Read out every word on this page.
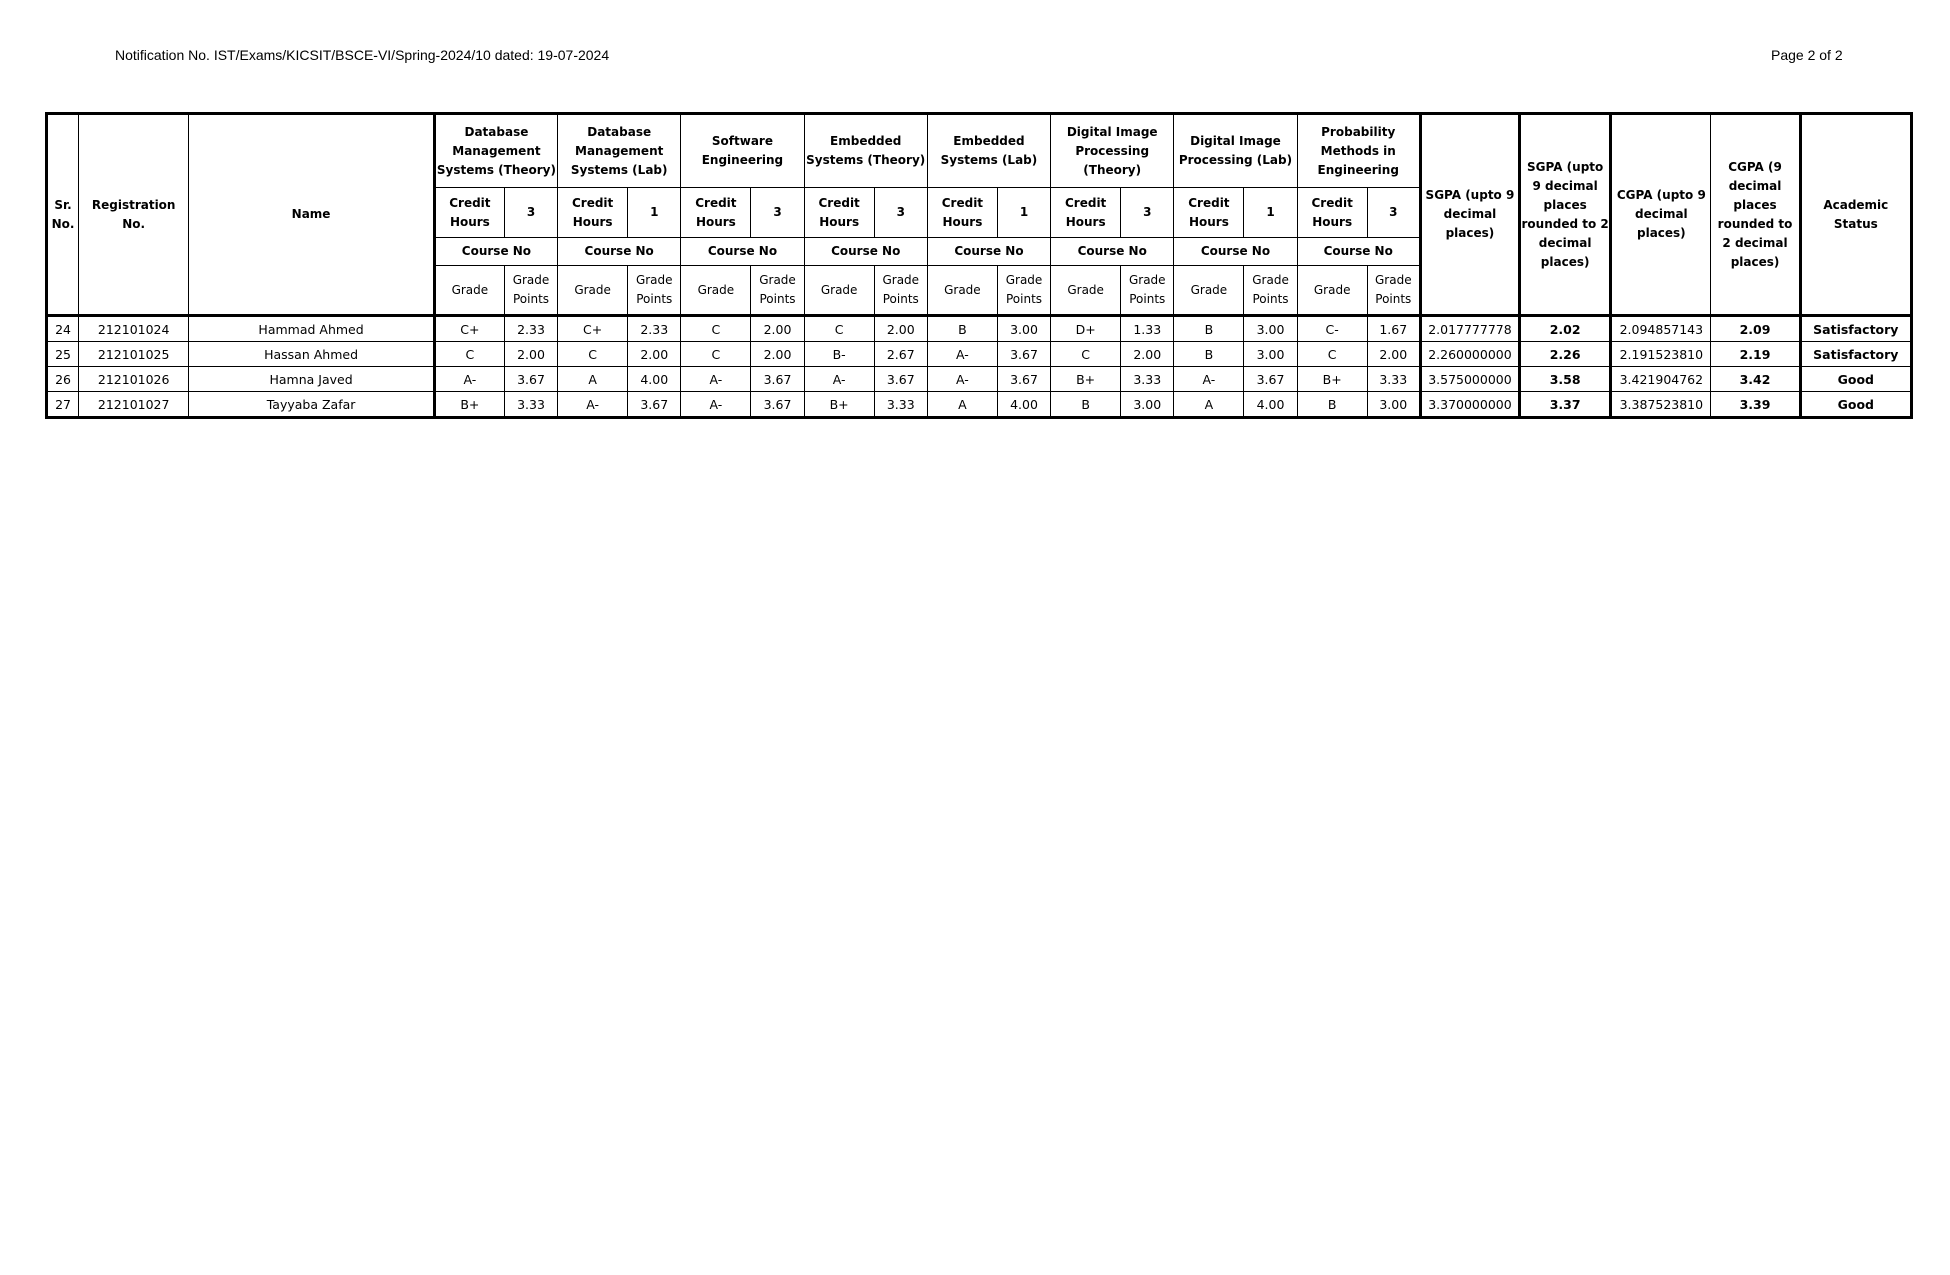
Notification No. IST/Exams/KICSIT/BSCE-VI/Spring-2024/10 dated: 19-07-2024	Page 2 of 2
Sr. No.	Registration No.	Name	Database Management Systems (Theory)		Database Management Systems (Lab)		Software Engineering		Embedded Systems (Theory)		Embedded Systems (Lab)		Digital Image Processing (Theory)		Digital Image Processing (Lab)		Probability Methods in Engineering		SGPA (upto 9 decimal places)	SGPA (upto 9 decimal places rounded to 2 decimal places)	CGPA (upto 9 decimal places)	CGPA (9 decimal places rounded to 2 decimal places)	Academic Status
			Credit Hours	3	Credit Hours	1	Credit Hours	3	Credit Hours	3	Credit Hours	1	Credit Hours	3	Credit Hours	1	Credit Hours	3					
			Course No		Course No		Course No		Course No		Course No		Course No		Course No		Course No						
			Grade	Grade Points	Grade	Grade Points	Grade	Grade Points	Grade	Grade Points	Grade	Grade Points	Grade	Grade Points	Grade	Grade Points	Grade	Grade Points					
24	212101024	Hammad Ahmed	C+	2.33	C+	2.33	C	2.00	C	2.00	B	3.00	D+	1.33	B	3.00	C-	1.67	2.017777778	2.02	2.094857143	2.09	Satisfactory
25	212101025	Hassan Ahmed	C	2.00	C	2.00	C	2.00	B-	2.67	A-	3.67	C	2.00	B	3.00	C	2.00	2.260000000	2.26	2.191523810	2.19	Satisfactory
26	212101026	Hamna Javed	A-	3.67	A	4.00	A-	3.67	A-	3.67	A-	3.67	B+	3.33	A-	3.67	B+	3.33	3.575000000	3.58	3.421904762	3.42	Good
27	212101027	Tayyaba Zafar	B+	3.33	A-	3.67	A-	3.67	B+	3.33	A	4.00	B	3.00	A	4.00	B	3.00	3.370000000	3.37	3.387523810	3.39	Good
